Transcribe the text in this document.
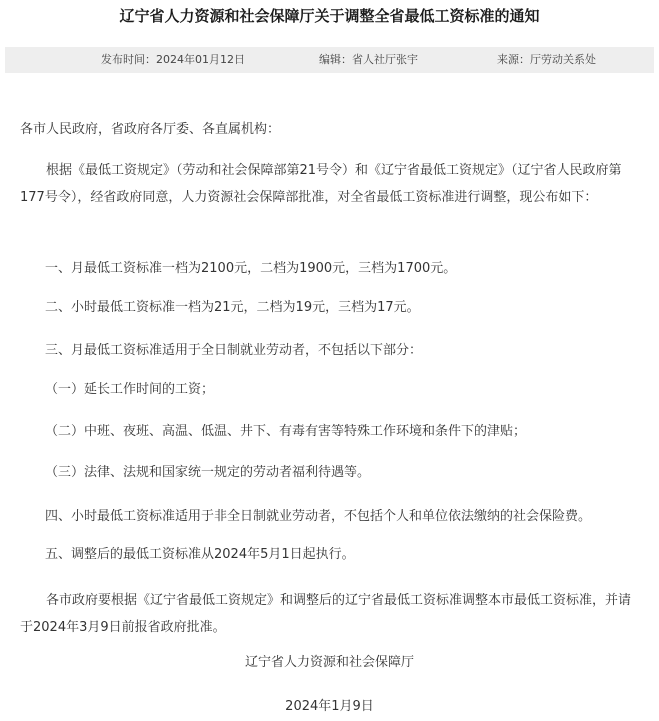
辽宁省人力资源和社会保障厅关于调整全省最低工资标准的通知
发布时间：2024年01月12日	编辑：省人社厅张宇	来源：厅劳动关系处

各市人民政府，省政府各厅委、各直属机构：

根据《最低工资规定》（劳动和社会保障部第21号令）和《辽宁省最低工资规定》（辽宁省人民政府第177号令），经省政府同意，人力资源社会保障部批准，对全省最低工资标准进行调整，现公布如下：

一、月最低工资标准一档为2100元，二档为1900元，三档为1700元。

二、小时最低工资标准一档为21元，二档为19元，三档为17元。

三、月最低工资标准适用于全日制就业劳动者，不包括以下部分：

（一）延长工作时间的工资；

（二）中班、夜班、高温、低温、井下、有毒有害等特殊工作环境和条件下的津贴；

（三）法律、法规和国家统一规定的劳动者福利待遇等。

四、小时最低工资标准适用于非全日制就业劳动者，不包括个人和单位依法缴纳的社会保险费。

五、调整后的最低工资标准从2024年5月1日起执行。

各市政府要根据《辽宁省最低工资规定》和调整后的辽宁省最低工资标准调整本市最低工资标准，并请于2024年3月9日前报省政府批准。

辽宁省人力资源和社会保障厅

2024年1月9日
